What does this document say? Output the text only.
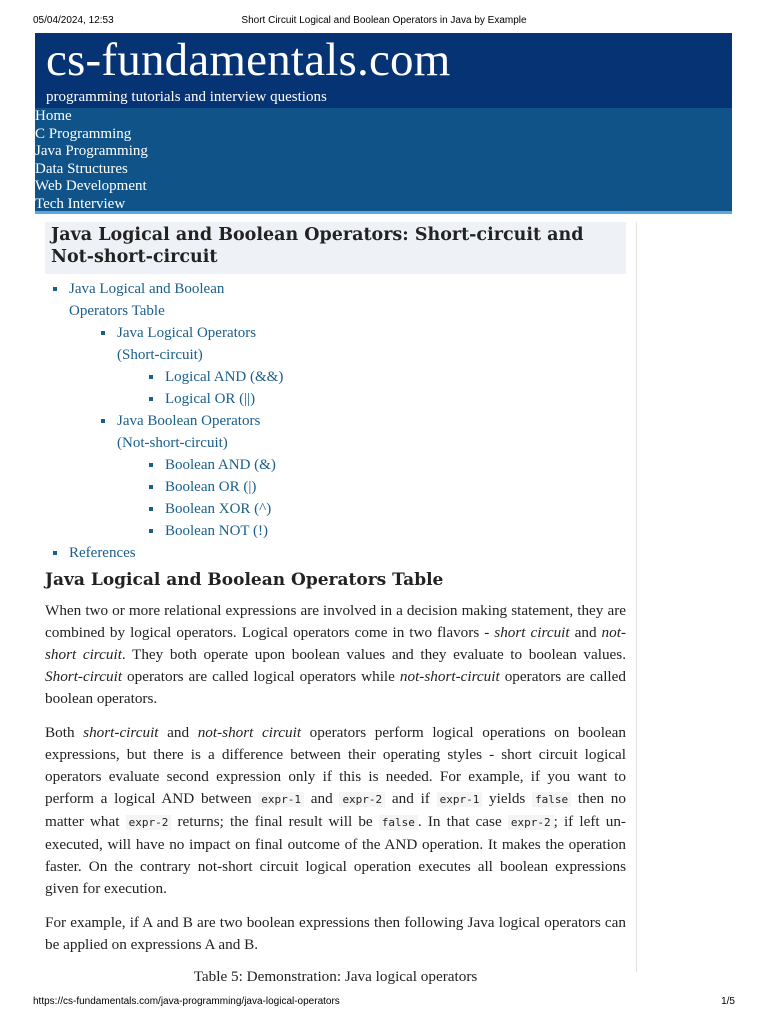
05/04/2024, 12:53	Short Circuit Logical and Boolean Operators in Java by Example
cs-fundamentals.com
programming tutorials and interview questions
Home
C Programming
Java Programming
Data Structures
Web Development
Tech Interview
Java Logical and Boolean Operators: Short-circuit and Not-short-circuit
Java Logical and Boolean Operators Table
Java Logical Operators (Short-circuit)
Logical AND (&&)
Logical OR (||)
Java Boolean Operators (Not-short-circuit)
Boolean AND (&)
Boolean OR (|)
Boolean XOR (^)
Boolean NOT (!)
References
Java Logical and Boolean Operators Table

When two or more relational expressions are involved in a decision making statement, they are combined by logical operators. Logical operators come in two flavors - short circuit and not-short circuit. They both operate upon boolean values and they evaluate to boolean values. Short-circuit operators are called logical operators while not-short-circuit operators are called boolean operators.

Both short-circuit and not-short circuit operators perform logical operations on boolean expressions, but there is a difference between their operating styles - short circuit logical operators evaluate second expression only if this is needed. For example, if you want to perform a logical AND between expr-1 and expr-2 and if expr-1 yields false then no matter what expr-2 returns; the final result will be false . In that case expr-2 ; if left un-executed, will have no impact on final outcome of the AND operation. It makes the operation faster. On the contrary not-short circuit logical operation executes all boolean expressions given for execution.

For example, if A and B are two boolean expressions then following Java logical operators can be applied on expressions A and B.

Table 5: Demonstration: Java logical operators
https://cs-fundamentals.com/java-programming/java-logical-operators	1/5
